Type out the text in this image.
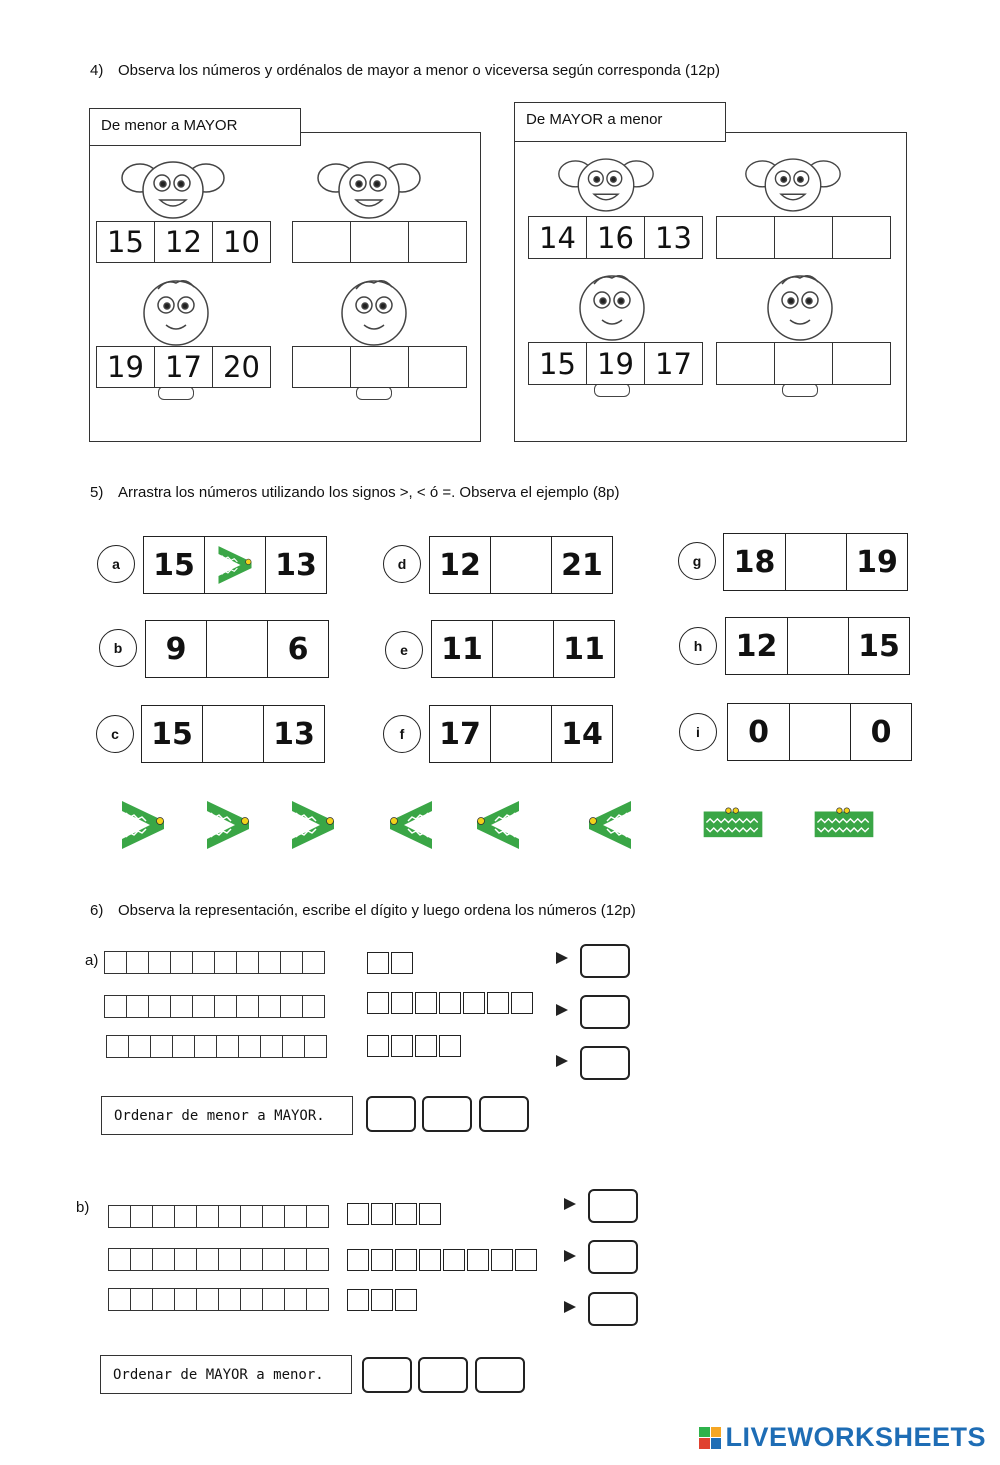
4) Observa los números y ordénalos de mayor a menor o viceversa según corresponda (12p)
De menor a MAYOR	De MAYOR a menor
15 12 10
19 17 20
14 16 13
15 19 17
5) Arrastra los números utilizando los signos >, < ó =. Observa el ejemplo (8p)
a	15	13
b	9	6
c	15	13
d	12	21
e	11	11
f	17	14
g	18	19
h	12	15
i	0	0
6) Observa la representación, escribe el dígito y luego ordena los números (12p)
a)
b)
Ordenar de menor a MAYOR.
Ordenar de MAYOR a menor.
LIVEWORKSHEETS
